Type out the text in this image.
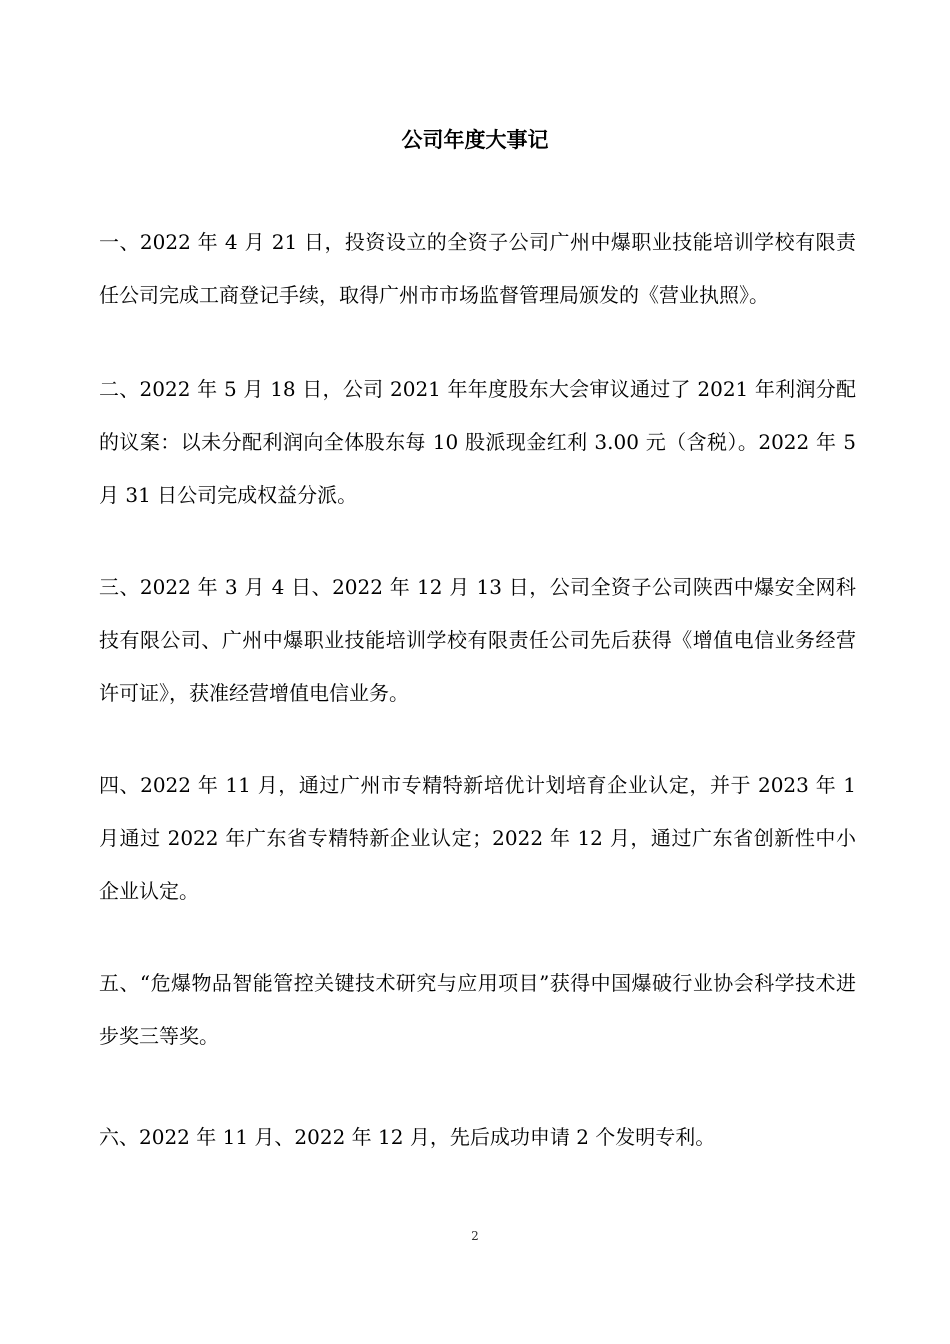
公司年度大事记

一、2022 年 4 月 21 日，投资设立的全资子公司广州中爆职业技能培训学校有限责任公司完成工商登记手续，取得广州市市场监督管理局颁发的《营业执照》。

二、2022 年 5 月 18 日，公司 2021 年年度股东大会审议通过了 2021 年利润分配的议案：以未分配利润向全体股东每 10 股派现金红利 3.00 元（含税）。2022 年 5 月 31 日公司完成权益分派。

三、2022 年 3 月 4 日、2022 年 12 月 13 日，公司全资子公司陕西中爆安全网科技有限公司、广州中爆职业技能培训学校有限责任公司先后获得《增值电信业务经营许可证》，获准经营增值电信业务。

四、2022 年 11 月，通过广州市专精特新培优计划培育企业认定，并于 2023 年 1 月通过 2022 年广东省专精特新企业认定；2022 年 12 月，通过广东省创新性中小企业认定。

五、“危爆物品智能管控关键技术研究与应用项目”获得中国爆破行业协会科学技术进步奖三等奖。

六、2022 年 11 月、2022 年 12 月，先后成功申请 2 个发明专利。

2
